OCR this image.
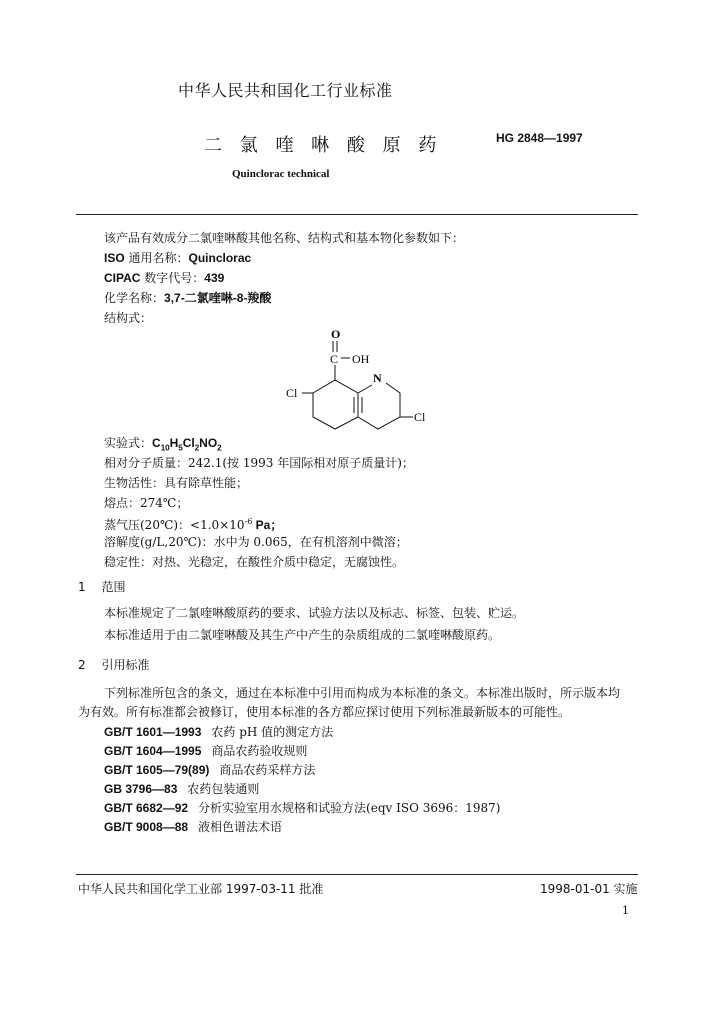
中华人民共和国化工行业标准
二 氯 喹 啉 酸 原 药	HG 2848—1997
Quinclorac technical
该产品有效成分二氯喹啉酸其他名称、结构式和基本物化参数如下：
ISO 通用名称：Quinclorac
CIPAC 数字代号：439
化学名称：3,7-二氯喹啉-8-羧酸
结构式：
O
C OH
N
Cl
Cl
实验式：$C_{10}H_5Cl_2NO_2$
相对分子质量：242.1(按 1993 年国际相对原子质量计)；
生物活性：具有除草性能；
熔点：274℃；
蒸气压(20℃)：$<1.0\times 10^{-6}$ Pa；
溶解度(g/L,20℃)：水中为 0.065，在有机溶剂中微溶；
稳定性：对热、光稳定，在酸性介质中稳定，无腐蚀性。
1 范围
本标准规定了二氯喹啉酸原药的要求、试验方法以及标志、标签、包装、贮运。
本标准适用于由二氯喹啉酸及其生产中产生的杂质组成的二氯喹啉酸原药。
2 引用标准
下列标准所包含的条文，通过在本标准中引用而构成为本标准的条文。本标准出版时，所示版本均
为有效。所有标准都会被修订，使用本标准的各方都应探讨使用下列标准最新版本的可能性。
GB/T 1601—1993 农药 pH 值的测定方法
GB/T 1604—1995 商品农药验收规则
GB/T 1605—79(89) 商品农药采样方法
GB 3796—83 农药包装通则
GB/T 6682—92 分析实验室用水规格和试验方法(eqv ISO 3696：1987)
GB/T 9008—88 液相色谱法术语
中华人民共和国化学工业部 1997-03-11 批准	1998-01-01 实施
1
